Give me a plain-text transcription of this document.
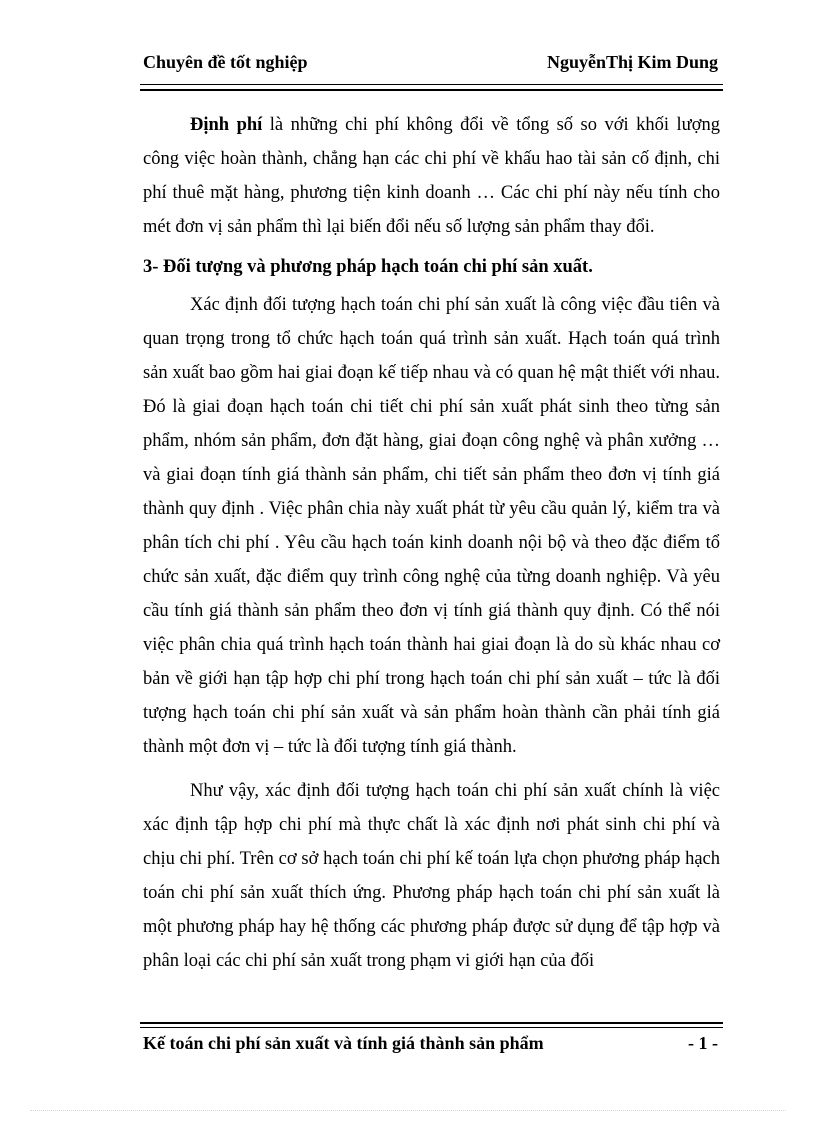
Chuyên đề tốt nghiệp	NguyễnThị Kim Dung

Định phí là những chi phí không đổi về tổng số so với khối lượng công việc hoàn thành, chẳng hạn các chi phí về khấu hao tài sản cố định, chi phí thuê mặt hàng, phương tiện kinh doanh … Các chi phí này nếu tính cho mét đơn vị sản phẩm thì lại biến đổi nếu số lượng sản phẩm thay đổi.

3- Đối tượng và phương pháp hạch toán chi phí sản xuất.

Xác định đối tượng hạch toán chi phí sản xuất là công việc đầu tiên và quan trọng trong tổ chức hạch toán quá trình sản xuất. Hạch toán quá trình sản xuất bao gồm hai giai đoạn kế tiếp nhau và có quan hệ mật thiết với nhau. Đó là giai đoạn hạch toán chi tiết chi phí sản xuất phát sinh theo từng sản phẩm, nhóm sản phẩm, đơn đặt hàng, giai đoạn công nghệ và phân xưởng … và giai đoạn tính giá thành sản phẩm, chi tiết sản phẩm theo đơn vị tính giá thành quy định . Việc phân chia này xuất phát từ yêu cầu quản lý, kiểm tra và phân tích chi phí . Yêu cầu hạch toán kinh doanh nội bộ và theo đặc điểm tổ chức sản xuất, đặc điểm quy trình công nghệ của từng doanh nghiệp. Và yêu cầu tính giá thành sản phẩm theo đơn vị tính giá thành quy định. Có thể nói việc phân chia quá trình hạch toán thành hai giai đoạn là do sù khác nhau cơ bản về giới hạn tập hợp chi phí trong hạch toán chi phí sản xuất – tức là đối tượng hạch toán chi phí sản xuất và sản phẩm hoàn thành cần phải tính giá thành một đơn vị – tức là đối tượng tính giá thành.

Như vậy, xác định đối tượng hạch toán chi phí sản xuất chính là việc xác định tập hợp chi phí mà thực chất là xác định nơi phát sinh chi phí và chịu chi phí. Trên cơ sở hạch toán chi phí kế toán lựa chọn phương pháp hạch toán chi phí sản xuất thích ứng. Phương pháp hạch toán chi phí sản xuất là một phương pháp hay hệ thống các phương pháp được sử dụng để tập hợp và phân loại các chi phí sản xuất trong phạm vi giới hạn của đối

Kế toán chi phí sản xuất và tính giá thành sản phẩm	- 1 -
